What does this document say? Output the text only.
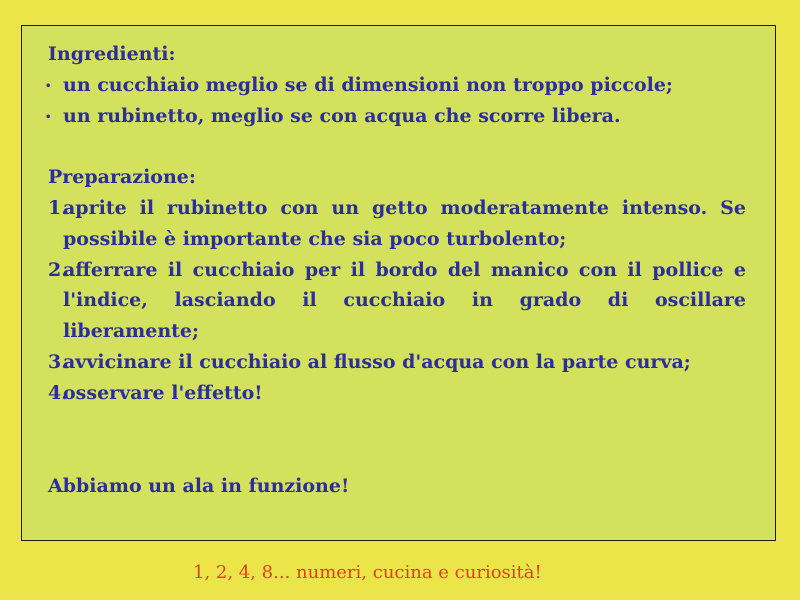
Ingredienti:

• un cucchiaio meglio se di dimensioni non troppo piccole;
• un rubinetto, meglio se con acqua che scorre libera.

Preparazione:

1.
aprite il rubinetto con un getto moderatamente intenso. Se possibile è importante che sia poco turbolento;
2.
afferrare il cucchiaio per il bordo del manico con il pollice e l'indice, lasciando il cucchiaio in grado di oscillare liberamente;
3.
avvicinare il cucchiaio al flusso d'acqua con la parte curva;
4.
osservare l'effetto!

Abbiamo un ala in funzione!

1, 2, 4, 8... numeri, cucina e curiosità!
